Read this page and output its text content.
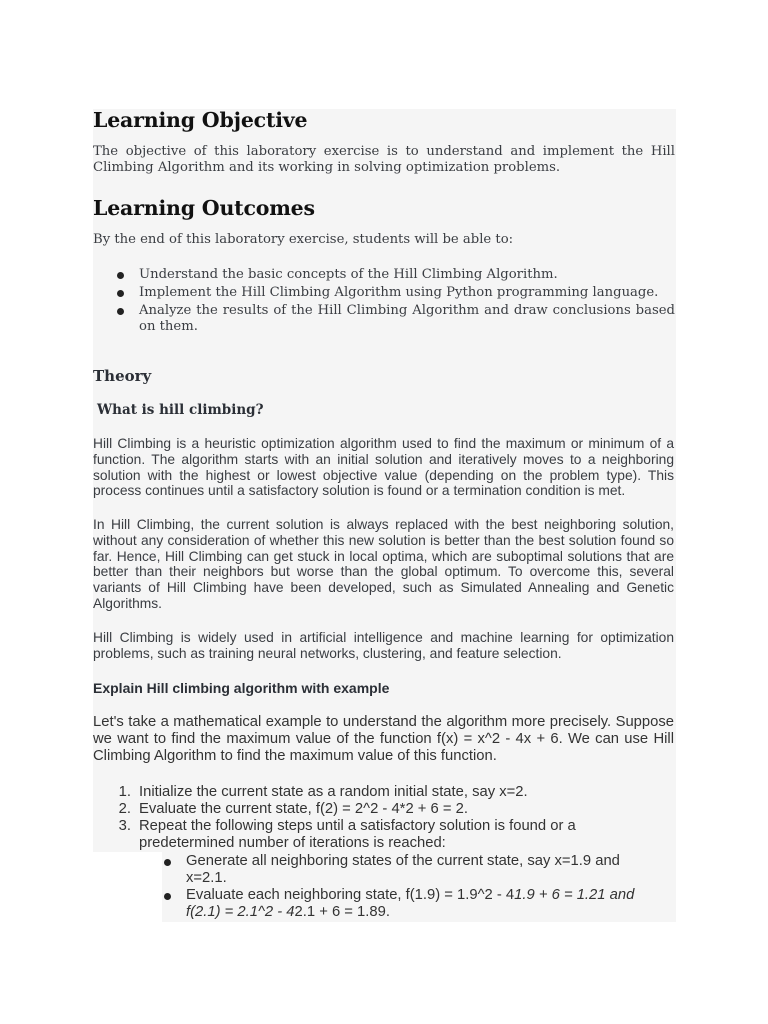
Learning Objective

The objective of this laboratory exercise is to understand and implement the Hill Climbing Algorithm and its working in solving optimization problems.

Learning Outcomes

By the end of this laboratory exercise, students will be able to:

Understand the basic concepts of the Hill Climbing Algorithm.
Implement the Hill Climbing Algorithm using Python programming language.
Analyze the results of the Hill Climbing Algorithm and draw conclusions based on them.
Theory
What is hill climbing?

Hill Climbing is a heuristic optimization algorithm used to find the maximum or minimum of a function. The algorithm starts with an initial solution and iteratively moves to a neighboring solution with the highest or lowest objective value (depending on the problem type). This process continues until a satisfactory solution is found or a termination condition is met.

In Hill Climbing, the current solution is always replaced with the best neighboring solution, without any consideration of whether this new solution is better than the best solution found so far. Hence, Hill Climbing can get stuck in local optima, which are suboptimal solutions that are better than their neighbors but worse than the global optimum. To overcome this, several variants of Hill Climbing have been developed, such as Simulated Annealing and Genetic Algorithms.

Hill Climbing is widely used in artificial intelligence and machine learning for optimization problems, such as training neural networks, clustering, and feature selection.

Explain Hill climbing algorithm with example

Let's take a mathematical example to understand the algorithm more precisely. Suppose we want to find the maximum value of the function f(x) = x^2 - 4x + 6. We can use Hill Climbing Algorithm to find the maximum value of this function.

1. Initialize the current state as a random initial state, say x=2.
2. Evaluate the current state, f(2) = 2^2 - 4*2 + 6 = 2.
3. Repeat the following steps until a satisfactory solution is found or a predetermined number of iterations is reached:
Generate all neighboring states of the current state, say x=1.9 and x=2.1.
Evaluate each neighboring state, f(1.9) = 1.9^2 - 41.9 + 6 = 1.21 and f(2.1) = 2.1^2 - 42.1 + 6 = 1.89.
